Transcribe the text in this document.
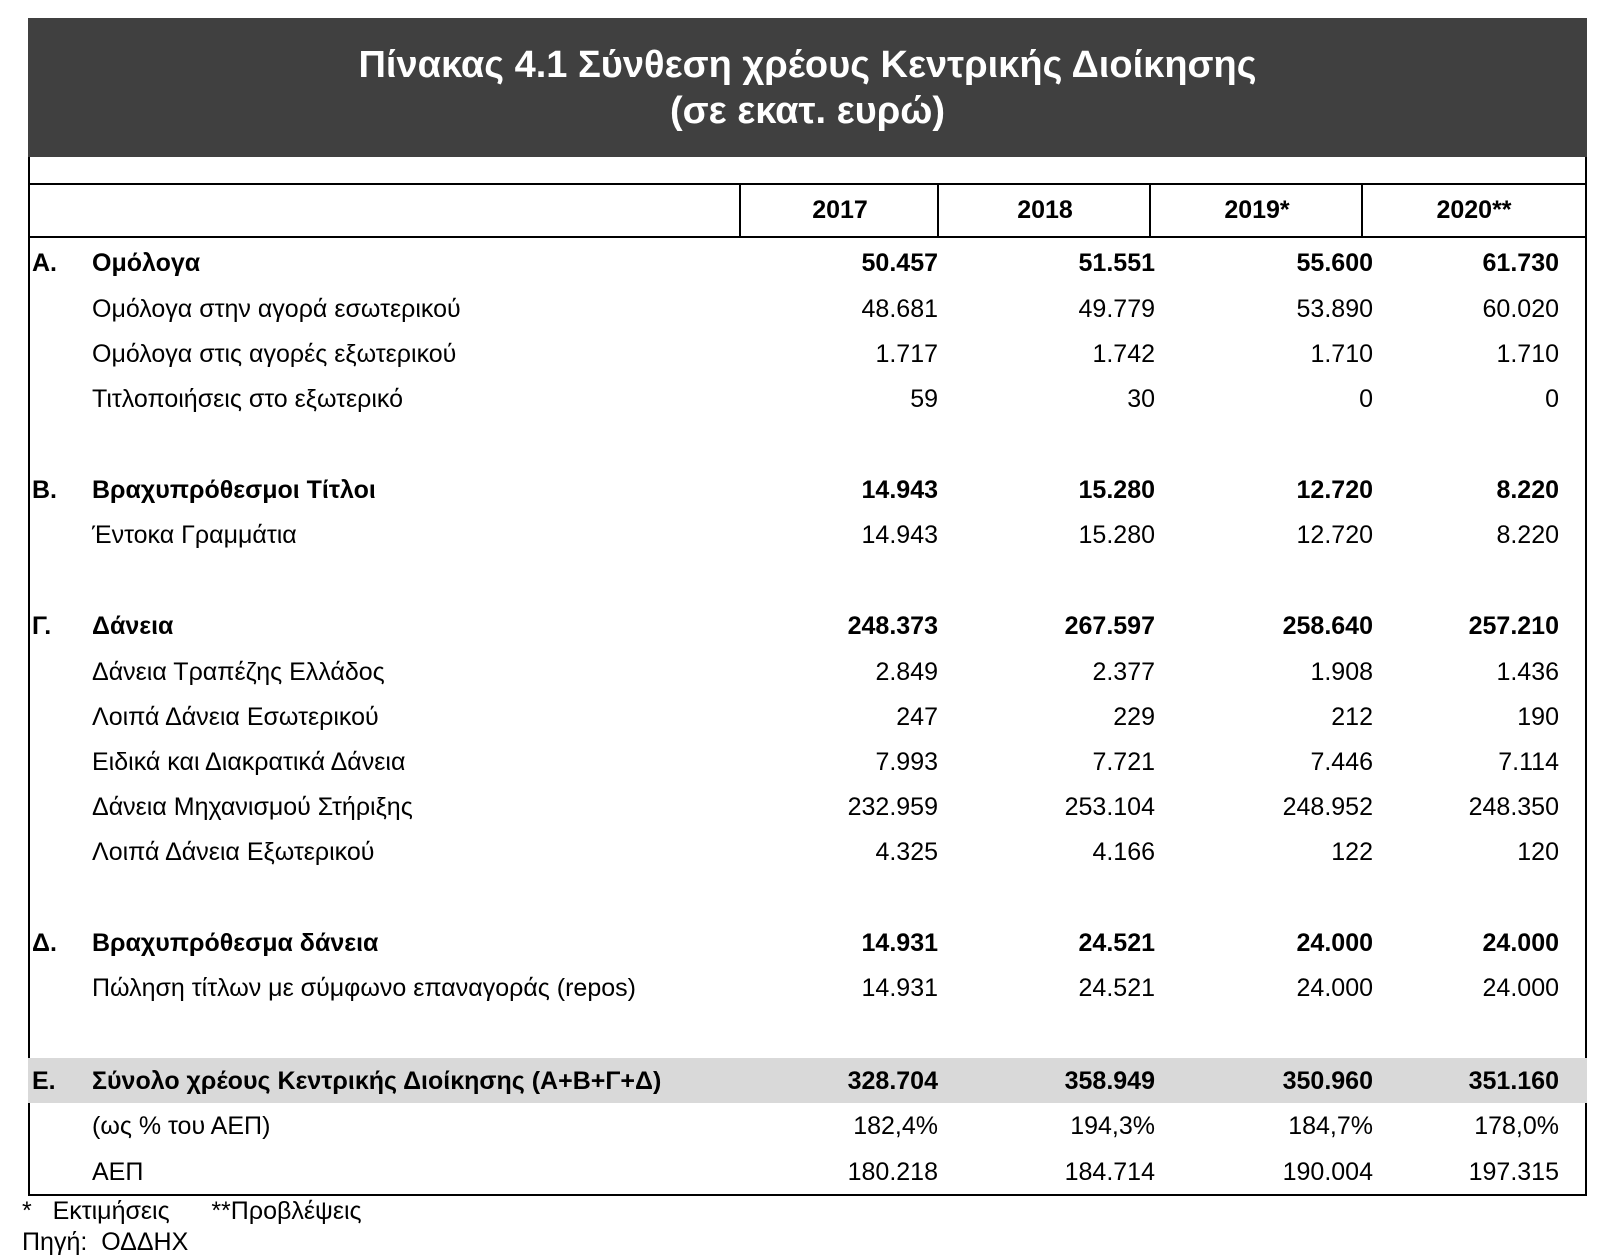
Πίνακας 4.1 Σύνθεση χρέους Κεντρικής Διοίκησης
(σε εκατ. ευρώ)
2017	2018	2019*	2020**
Α. Ομόλογα	50.457	51.551	55.600	61.730
Ομόλογα στην αγορά εσωτερικού	48.681	49.779	53.890	60.020
Ομόλογα στις αγορές εξωτερικού	1.717	1.742	1.710	1.710
Τιτλοποιήσεις στο εξωτερικό	59	30	0	0
Β. Βραχυπρόθεσμοι Τίτλοι	14.943	15.280	12.720	8.220
Έντοκα Γραμμάτια	14.943	15.280	12.720	8.220
Γ. Δάνεια	248.373	267.597	258.640	257.210
Δάνεια Τραπέζης Ελλάδος	2.849	2.377	1.908	1.436
Λοιπά Δάνεια Εσωτερικού	247	229	212	190
Ειδικά και Διακρατικά Δάνεια	7.993	7.721	7.446	7.114
Δάνεια Μηχανισμού Στήριξης	232.959	253.104	248.952	248.350
Λοιπά Δάνεια Εξωτερικού	4.325	4.166	122	120
Δ. Βραχυπρόθεσμα δάνεια	14.931	24.521	24.000	24.000
Πώληση τίτλων με σύμφωνο επαναγοράς (repos)	14.931	24.521	24.000	24.000
Ε. Σύνολο χρέους Κεντρικής Διοίκησης (Α+Β+Γ+Δ)	328.704	358.949	350.960	351.160
(ως % του ΑΕΠ)	182,4%	194,3%	184,7%	178,0%
ΑΕΠ	180.218	184.714	190.004	197.315
*   Εκτιμήσεις      **Προβλέψεις
Πηγή:  ΟΔΔΗΧ
